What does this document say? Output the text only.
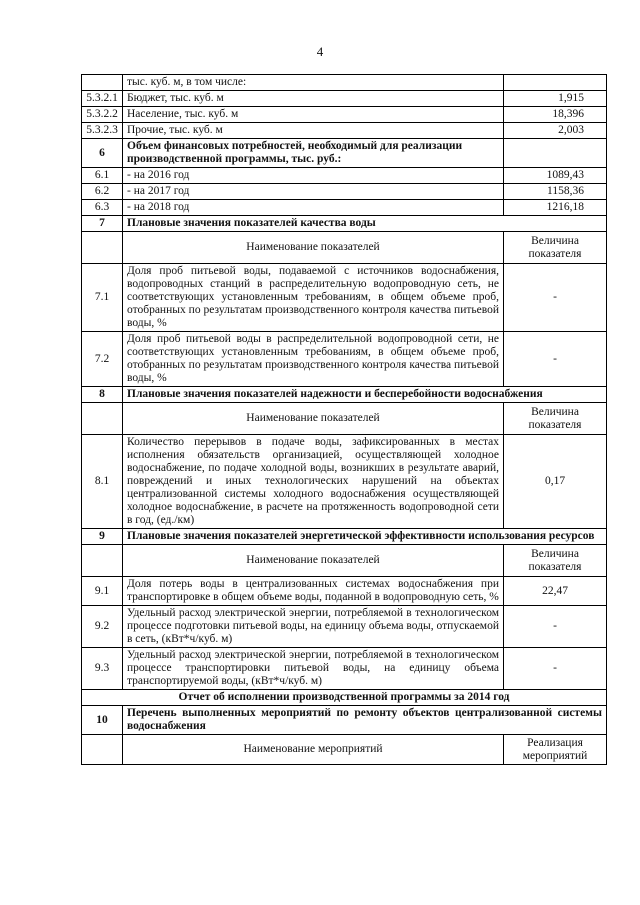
4
	тыс. куб. м, в том числе:	
5.3.2.1	Бюджет, тыс. куб. м	1,915
5.3.2.2	Население, тыс. куб. м	18,396
5.3.2.3	Прочие, тыс. куб. м	2,003
6	Объем финансовых потребностей, необходимый для реализации производственной программы, тыс. руб.:	
6.1	- на 2016 год	1089,43
6.2	- на 2017 год	1158,36
6.3	- на 2018 год	1216,18
7	Плановые значения показателей качества воды	
	Наименование показателей	Величина показателя
7.1	Доля проб питьевой воды, подаваемой с источников водоснабжения, водопроводных станций в распределительную водопроводную сеть, не соответствующих установленным требованиям, в общем объеме проб, отобранных по результатам производственного контроля качества питьевой воды, %	-
7.2	Доля проб питьевой воды в распределительной водопроводной сети, не соответствующих установленным требованиям, в общем объеме проб, отобранных по результатам производственного контроля качества питьевой воды, %	-
8	Плановые значения показателей надежности и бесперебойности водоснабжения	
	Наименование показателей	Величина показателя
8.1	Количество перерывов в подаче воды, зафиксированных в местах исполнения обязательств организацией, осуществляющей холодное водоснабжение, по подаче холодной воды, возникших в результате аварий, повреждений и иных технологических нарушений на объектах централизованной системы холодного водоснабжения осуществляющей холодное водоснабжение, в расчете на протяженность водопроводной сети в год, (ед./км)	0,17
9	Плановые значения показателей энергетической эффективности использования ресурсов	
	Наименование показателей	Величина показателя
9.1	Доля потерь воды в централизованных системах водоснабжения при транспортировке в общем объеме воды, поданной в водопроводную сеть, %	22,47
9.2	Удельный расход электрической энергии, потребляемой в технологическом процессе подготовки питьевой воды, на единицу объема воды, отпускаемой в сеть, (кВт*ч/куб. м)	-
9.3	Удельный расход электрической энергии, потребляемой в технологическом процессе транспортировки питьевой воды, на единицу объема транспортируемой воды, (кВт*ч/куб. м)	-
Отчет об исполнении производственной программы за 2014 год		
10	Перечень выполненных мероприятий по ремонту объектов централизованной системы водоснабжения	
	Наименование мероприятий	Реализация мероприятий
